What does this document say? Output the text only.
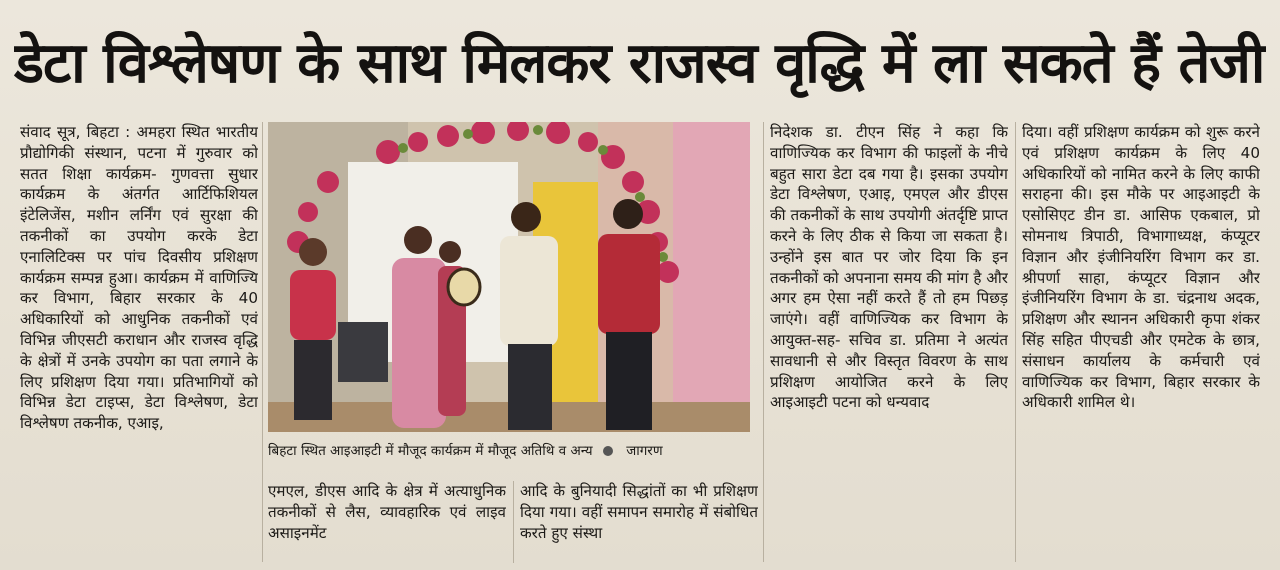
डेटा विश्लेषण के साथ मिलकर राजस्व वृद्धि में ला सकते हैं तेजी

संवाद सूत्र, बिहटा : अमहरा स्थित भारतीय प्रौद्योगिकी संस्थान, पटना में गुरुवार को सतत शिक्षा कार्यक्रम- गुणवत्ता सुधार कार्यक्रम के अंतर्गत आर्टिफिशियल इंटेलिजेंस, मशीन लर्निंग एवं सुरक्षा की तकनीकों का उपयोग करके डेटा एनालिटिक्स पर पांच दिवसीय प्रशिक्षण कार्यक्रम सम्पन्न हुआ। कार्यक्रम में वाणिज्यि कर विभाग, बिहार सरकार के 40 अधिकारियों को आधुनिक तकनीकों एवं विभिन्न जीएसटी कराधान और राजस्व वृद्धि के क्षेत्रों में उनके उपयोग का पता लगाने के लिए प्रशिक्षण दिया गया। प्रतिभागियों को विभिन्न डेटा टाइप्स, डेटा विश्लेषण, डेटा विश्लेषण तकनीक, एआइ,

बिहटा स्थित आइआइटी में मौजूद कार्यक्रम में मौजूद अतिथि व अन्य जागरण

एमएल, डीएस आदि के क्षेत्र में अत्याधुनिक तकनीकों से लैस, व्यावहारिक एवं लाइव असाइनमेंट

आदि के बुनियादी सिद्धांतों का भी प्रशिक्षण दिया गया। वहीं समापन समारोह में संबोधित करते हुए संस्था

निदेशक डा. टीएन सिंह ने कहा कि वाणिज्यिक कर विभाग की फाइलों के नीचे बहुत सारा डेटा दब गया है। इसका उपयोग डेटा विश्लेषण, एआइ, एमएल और डीएस की तकनीकों के साथ उपयोगी अंतर्दृष्टि प्राप्त करने के लिए ठीक से किया जा सकता है। उन्होंने इस बात पर जोर दिया कि इन तकनीकों को अपनाना समय की मांग है और अगर हम ऐसा नहीं करते हैं तो हम पिछड़ जाएंगे। वहीं वाणिज्यिक कर विभाग के आयुक्त-सह- सचिव डा. प्रतिमा ने अत्यंत सावधानी से और विस्तृत विवरण के साथ प्रशिक्षण आयोजित करने के लिए आइआइटी पटना को धन्यवाद

दिया। वहीं प्रशिक्षण कार्यक्रम को शुरू करने एवं प्रशिक्षण कार्यक्रम के लिए 40 अधिकारियों को नामित करने के लिए काफी सराहना की। इस मौके पर आइआइटी के एसोसिएट डीन डा. आसिफ एकबाल, प्रो सोमनाथ त्रिपाठी, विभागाध्यक्ष, कंप्यूटर विज्ञान और इंजीनियरिंग विभाग कर डा. श्रीपर्णा साहा, कंप्यूटर विज्ञान और इंजीनियरिंग विभाग के डा. चंद्रनाथ अदक, प्रशिक्षण और स्थानन अधिकारी कृपा शंकर सिंह सहित पीएचडी और एमटेक के छात्र, संसाधन कार्यालय के कर्मचारी एवं वाणिज्यिक कर विभाग, बिहार सरकार के अधिकारी शामिल थे।
